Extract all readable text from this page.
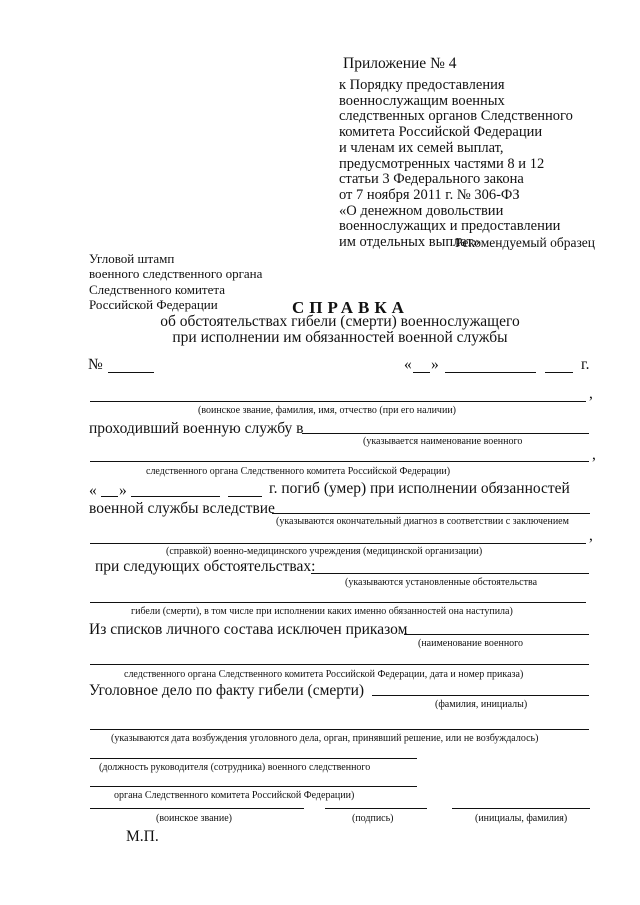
Приложение № 4
к Порядку предоставления
военнослужащим военных
следственных органов Следственного
комитета Российской Федерации
и членам их семей выплат,
предусмотренных частями 8 и 12
статьи 3 Федерального закона
от 7 ноября 2011 г. № 306-ФЗ
«О денежном довольствии
военнослужащих и предоставлении
им отдельных выплат»
Рекомендуемый образец
Угловой штамп
военного следственного органа
Следственного комитета
Российской Федерации	СПРАВКА
об обстоятельствах гибели (смерти) военнослужащего
при исполнении им обязанностей военной службы
№	« »	г.
,
(воинское звание, фамилия, имя, отчество (при его наличии)
проходивший военную службу в
(указывается наименование военного
,
следственного органа Следственного комитета Российской Федерации)
« »	г. погиб (умер) при исполнении обязанностей
военной службы вследствие
(указываются окончательный диагноз в соответствии с заключением
,
(справкой) военно-медицинского учреждения (медицинской организации)
при следующих обстоятельствах:
(указываются установленные обстоятельства
гибели (смерти), в том числе при исполнении каких именно обязанностей она наступила)
Из списков личного состава исключен приказом
(наименование военного
следственного органа Следственного комитета Российской Федерации, дата и номер приказа)
Уголовное дело по факту гибели (смерти)
(фамилия, инициалы)
(указываются дата возбуждения уголовного дела, орган, принявший решение, или не возбуждалось)
(должность руководителя (сотрудника) военного следственного
органа Следственного комитета Российской Федерации)
(воинское звание)	(подпись)	(инициалы, фамилия)
М.П.
